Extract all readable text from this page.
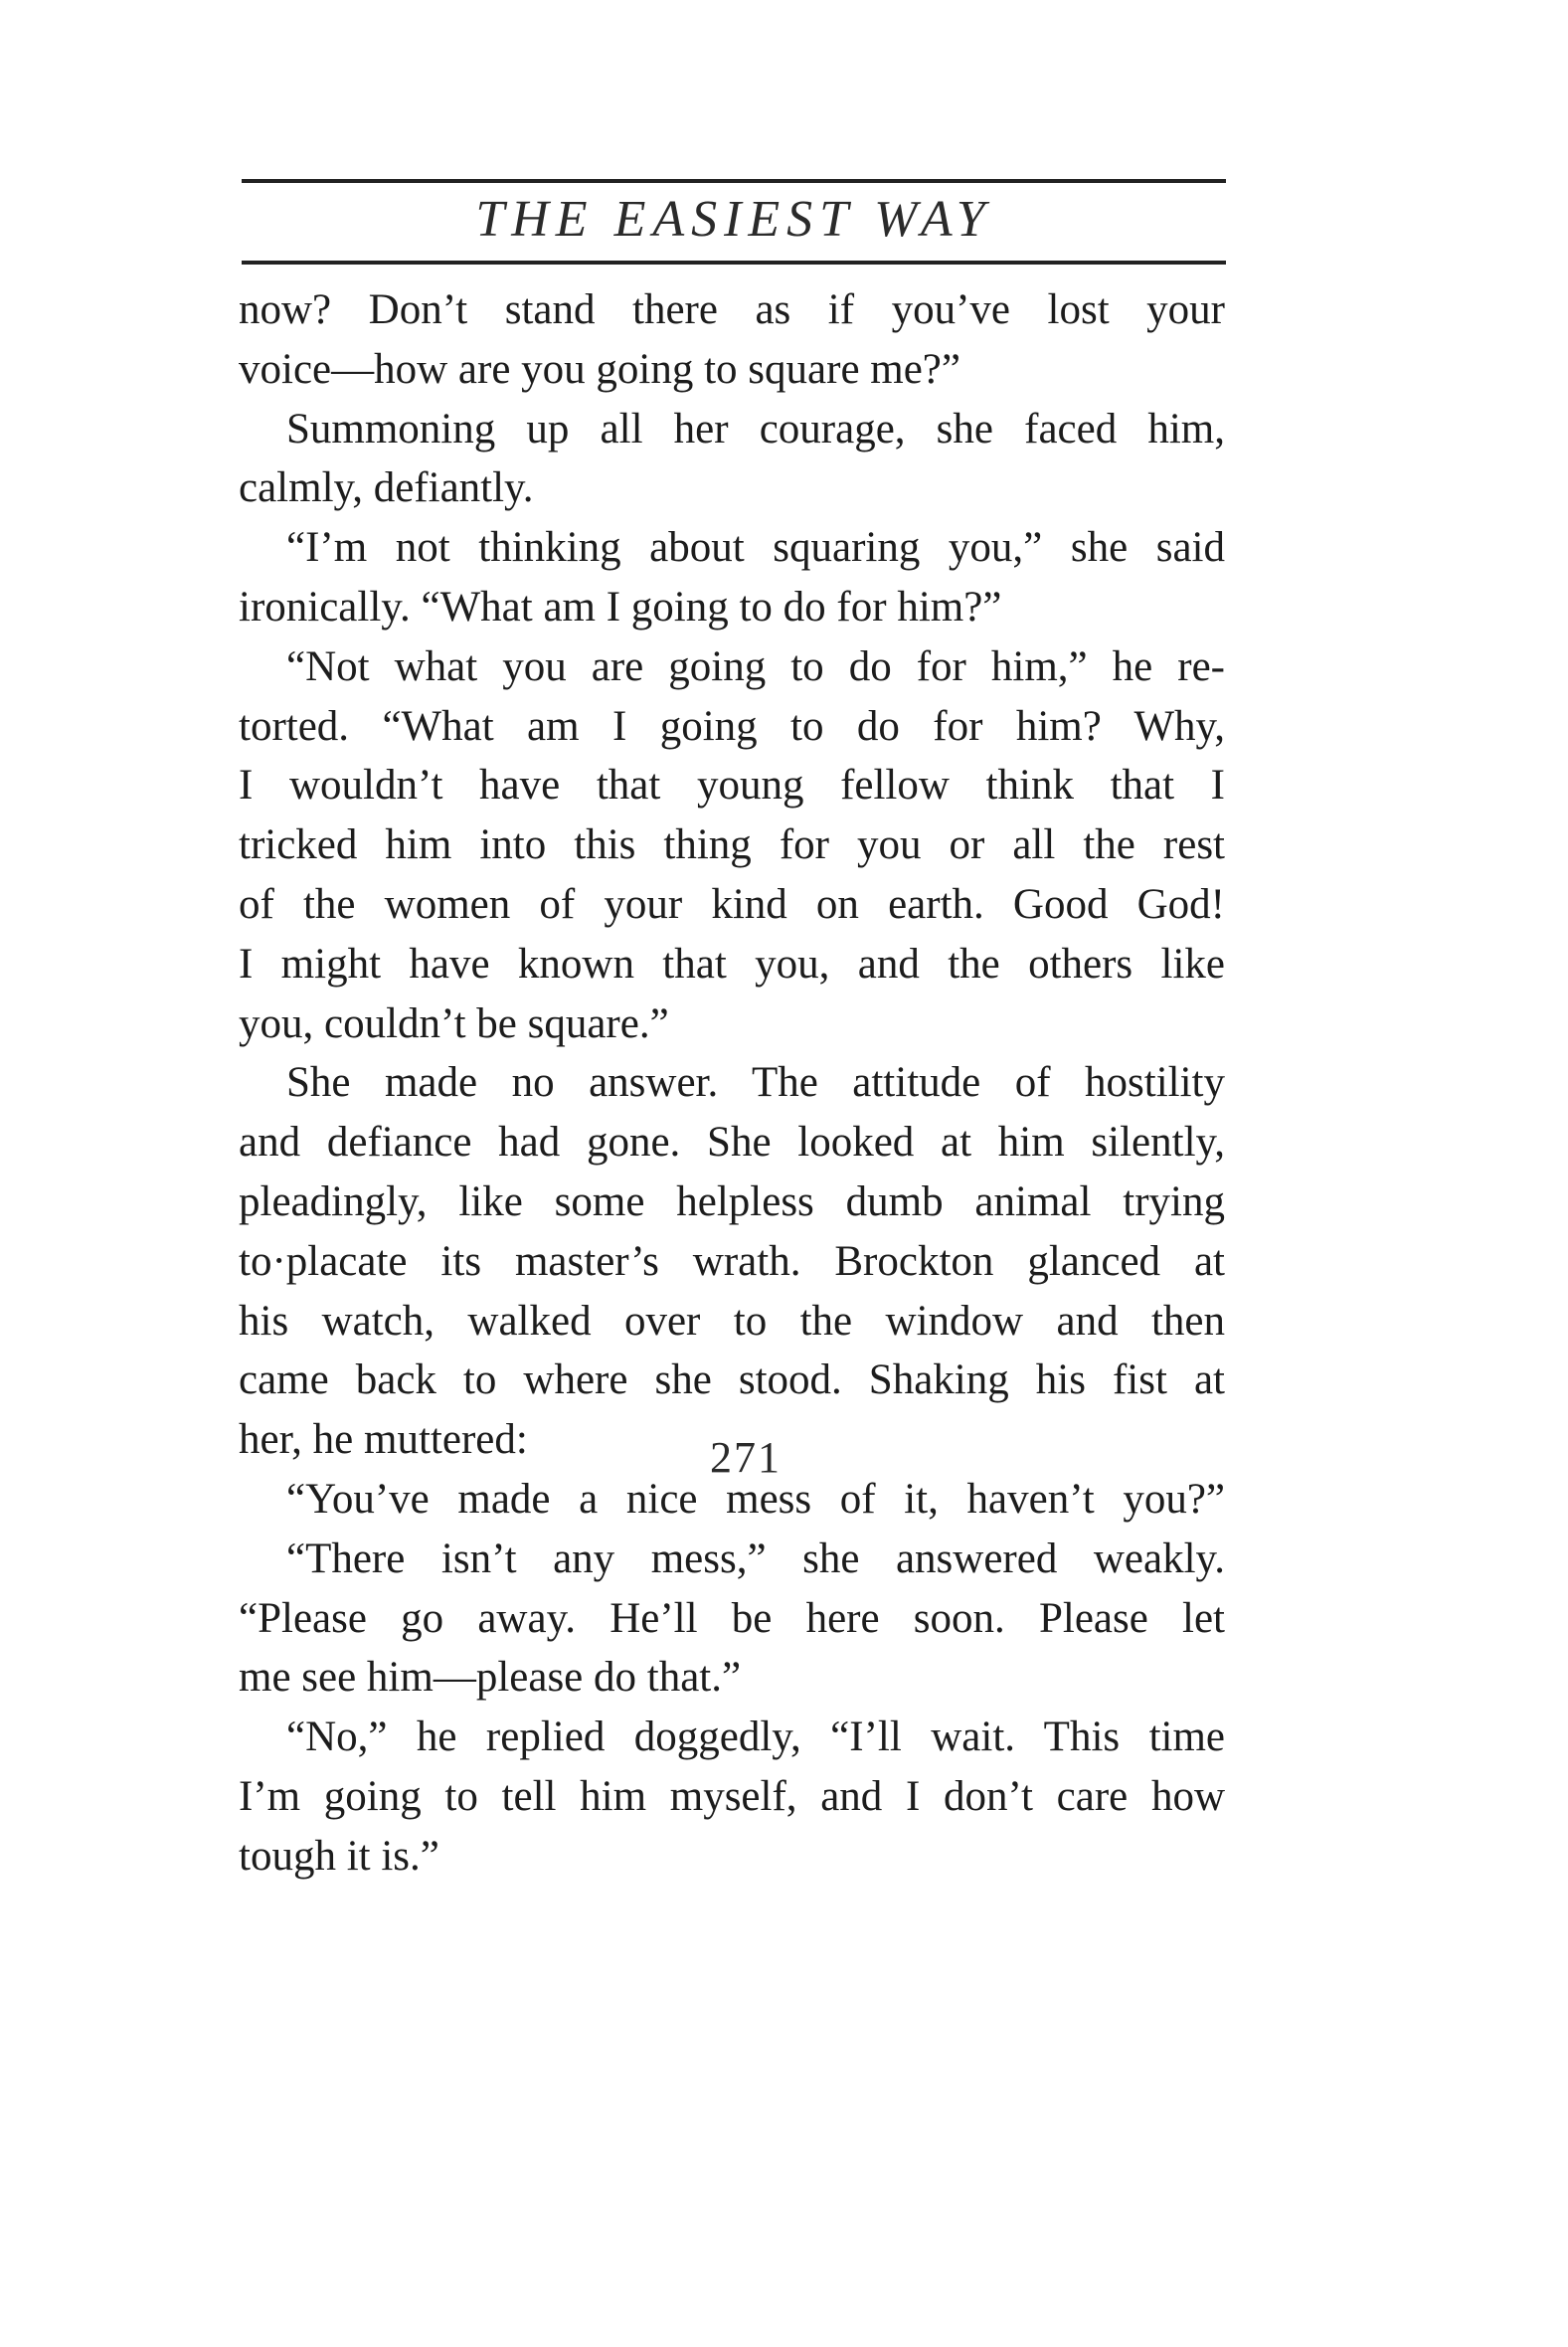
THE EASIEST WAY
now? Don’t stand there as if you’ve lost your
voice—how are you going to square me?”
Summoning up all her courage, she faced him,
calmly, defiantly.
“I’m not thinking about squaring you,” she said
ironically. “What am I going to do for him?”
“Not what you are going to do for him,” he re-
torted. “What am I going to do for him? Why,
I wouldn’t have that young fellow think that I
tricked him into this thing for you or all the rest
of the women of your kind on earth. Good God!
I might have known that you, and the others like
you, couldn’t be square.”
She made no answer. The attitude of hostility
and defiance had gone. She looked at him silently,
pleadingly, like some helpless dumb animal trying
to·placate its master’s wrath. Brockton glanced at
his watch, walked over to the window and then
came back to where she stood. Shaking his fist at
her, he muttered:
“You’ve made a nice mess of it, haven’t you?”
“There isn’t any mess,” she answered weakly.
“Please go away. He’ll be here soon. Please let
me see him—please do that.”
“No,” he replied doggedly, “I’ll wait. This time
I’m going to tell him myself, and I don’t care how
tough it is.”
271
